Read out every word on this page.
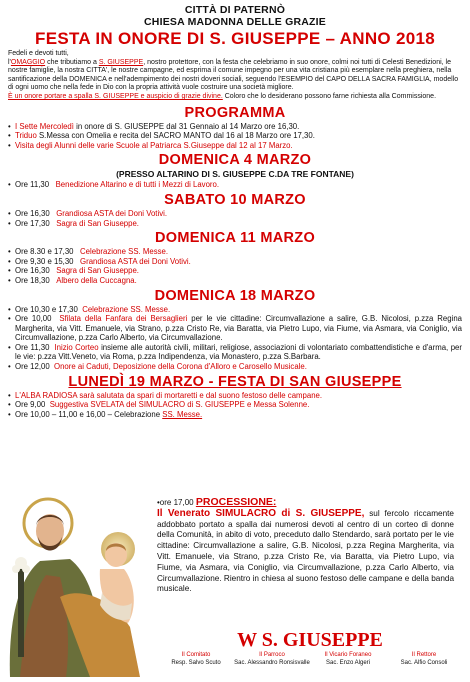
CITTÀ DI PATERNÒ

CHIESA MADONNA DELLE GRAZIE

FESTA IN ONORE DI S. GIUSEPPE – ANNO 2018

Fedeli e devoti tutti,

l'OMAGGIO che tributiamo a S. GIUSEPPE, nostro protettore, con la festa che celebriamo in suo onore, colmi noi tutti di Celesti Benedizioni, le nostre famiglie, la nostra CITTA', le nostre campagne, ed esprima il comune impegno per una vita cristiana più esemplare nella preghiera, nella santificazione della DOMENICA e nell'adempimento dei nostri doveri sociali, seguendo l'ESEMPIO del CAPO DELLA SACRA FAMIGLIA, modello di ogni uomo che nella fede in Dio con la propria attività vuole costruire una società migliore.

È un onore portare a spalla S. GIUSEPPE e auspicio di grazie divine. Coloro che lo desiderano possono farne richiesta alla Commissione.

PROGRAMMA

• I Sette Mercoledì in onore di S. GIUSEPPE dal 31 Gennaio al 14 Marzo ore 16,30.
• Triduo S.Messa con Omelia e recita del SACRO MANTO dal 16 al 18 Marzo ore 17,30.
• Visita degli Alunni delle varie Scuole al Patriarca S.Giuseppe dal 12 al 17 Marzo.

DOMENICA 4 MARZO

(PRESSO ALTARINO DI S. GIUSEPPE C.DA TRE FONTANE)

• Ore 11,30 Benedizione Altarino e di tutti i Mezzi di Lavoro.

SABATO 10 MARZO

• Ore 16,30 Grandiosa ASTA dei Doni Votivi.
• Ore 17,30 Sagra di San Giuseppe.

DOMENICA 11 MARZO

• Ore 8.30 e 17,30 Celebrazione SS. Messe.
• Ore 9,30 e 15,30 Grandiosa ASTA dei Doni Votivi.
• Ore 16,30 Sagra di San Giuseppe.
• Ore 18,30 Albero della Cuccagna.

DOMENICA 18 MARZO

• Ore 10,30 e 17,30 Celebrazione SS. Messe.
• Ore 10,00 Sfilata della Fanfara dei Bersaglieri per le vie cittadine: Circumvallazione a salire, G.B. Nicolosi, p.zza Regina Margherita, via Vitt. Emanuele, via Strano, p.zza Cristo Re, via Baratta, via Pietro Lupo, via Fiume, via Asmara, via Coniglio, via Circumvallazione, p.zza Carlo Alberto, via Circumvallazione.
• Ore 11,30 Inizio Corteo insieme alle autorità civili, militari, religiose, associazioni di volontariato combattendistiche e d'arma, per le vie: p.zza Vitt.Veneto, via Roma, p.zza Indipendenza, via Monastero, p.zza S.Barbara.
• Ore 12,00 Onore ai Caduti, Deposizione della Corona d'Alloro e Carosello Musicale.

LUNEDÌ 19 MARZO - FESTA DI SAN GIUSEPPE

• L'ALBA RADIOSA sarà salutata da spari di mortaretti e dal suono festoso delle campane.
• Ore 9,00 Suggestiva SVELATA del SIMULACRO di S. GIUSEPPE e Messa Solenne.
• Ore 10,00 – 11,00 e 16,00 – Celebrazione SS. Messe.
•ore 17,00 PROCESSIONE:
Il Venerato SIMULACRO di S. GIUSEPPE, sul fercolo riccamente addobbato portato a spalla dai numerosi devoti al centro di un corteo di donne della Comunità, in abito di voto, preceduto dallo Stendardo, sarà portato per le vie cittadine: Circumvallazione a salire, G.B. Nicolosi, p.zza Regina Margherita, via Vitt. Emanuele, via Strano, p.zza Cristo Re, via Baratta, via Pietro Lupo, via Fiume, via Asmara, via Coniglio, via Circumvallazione, p.zza Carlo Alberto, via Circumvallazione. Rientro in chiesa al suono festoso delle campane e della banda musicale.

W S. GIUSEPPE

Il Comitato
Resp. Salvo Scuto
Il Parroco
Sac. Alessandro Ronsisvalle
Il Vicario Foraneo
Sac. Enzo Algeri
Il Rettore
Sac. Alfio Consoli
